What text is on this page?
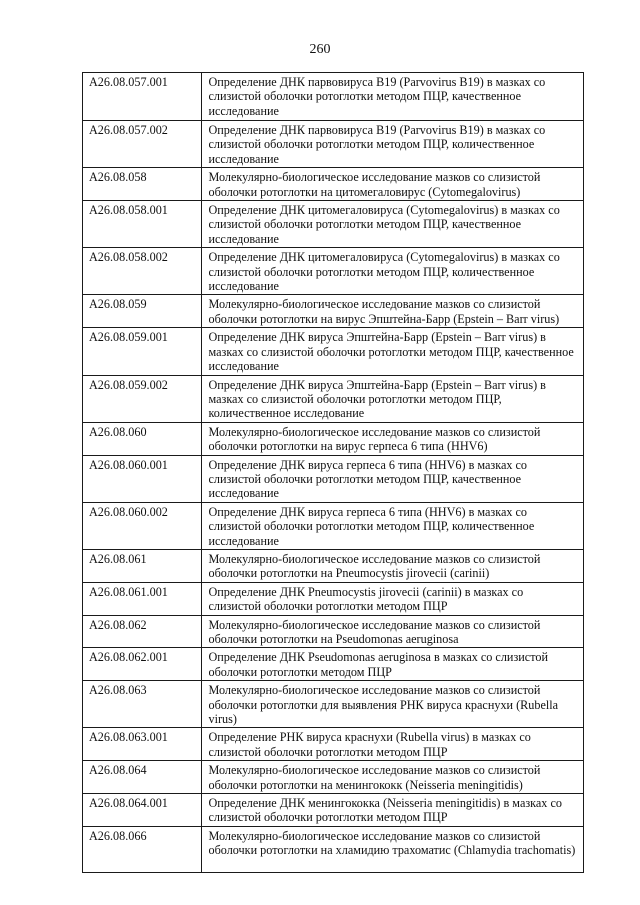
260
A26.08.057.001	Определение ДНК парвовируса В19 (Parvovirus В19) в мазках со слизистой оболочки ротоглотки методом ПЦР, качественное исследование
A26.08.057.002	Определение ДНК парвовируса В19 (Parvovirus В19) в мазках со слизистой оболочки ротоглотки методом ПЦР, количественное исследование
A26.08.058	Молекулярно-биологическое исследование мазков со слизистой оболочки ротоглотки на цитомегаловирус (Cytomegalovirus)
A26.08.058.001	Определение ДНК цитомегаловируса (Cytomegalovirus) в мазках со слизистой оболочки ротоглотки методом ПЦР, качественное исследование
A26.08.058.002	Определение ДНК цитомегаловируса (Cytomegalovirus) в мазках со слизистой оболочки ротоглотки методом ПЦР, количественное исследование
A26.08.059	Молекулярно-биологическое исследование мазков со слизистой оболочки ротоглотки на вирус Эпштейна-Барр (Epstein – Barr virus)
A26.08.059.001	Определение ДНК вируса Эпштейна-Барр (Epstein – Barr virus) в мазках со слизистой оболочки ротоглотки методом ПЦР, качественное исследование
A26.08.059.002	Определение ДНК вируса Эпштейна-Барр (Epstein – Barr virus) в мазках со слизистой оболочки ротоглотки методом ПЦР, количественное исследование
A26.08.060	Молекулярно-биологическое исследование мазков со слизистой оболочки ротоглотки на вирус герпеса 6 типа (HHV6)
A26.08.060.001	Определение ДНК вируса герпеса 6 типа (HHV6) в мазках со слизистой оболочки ротоглотки методом ПЦР, качественное исследование
A26.08.060.002	Определение ДНК вируса герпеса 6 типа (HHV6) в мазках со слизистой оболочки ротоглотки методом ПЦР, количественное исследование
A26.08.061	Молекулярно-биологическое исследование мазков со слизистой оболочки ротоглотки на Pneumocystis jirovecii (carinii)
A26.08.061.001	Определение ДНК Pneumocystis jirovecii (carinii) в мазках со слизистой оболочки ротоглотки методом ПЦР
A26.08.062	Молекулярно-биологическое исследование мазков со слизистой оболочки ротоглотки на Pseudomonas aeruginosa
A26.08.062.001	Определение ДНК Pseudomonas aeruginosa в мазках со слизистой оболочки ротоглотки методом ПЦР
A26.08.063	Молекулярно-биологическое исследование мазков со слизистой оболочки ротоглотки для выявления РНК вируса краснухи (Rubella virus)
A26.08.063.001	Определение РНК вируса краснухи (Rubella virus) в мазках со слизистой оболочки ротоглотки методом ПЦР
A26.08.064	Молекулярно-биологическое исследование мазков со слизистой оболочки ротоглотки на менингококк (Neisseria meningitidis)
A26.08.064.001	Определение ДНК менингококка (Neisseria meningitidis) в мазках со слизистой оболочки ротоглотки методом ПЦР
A26.08.066	Молекулярно-биологическое исследование мазков со слизистой оболочки ротоглотки на хламидию трахоматис (Chlamydia trachomatis)
